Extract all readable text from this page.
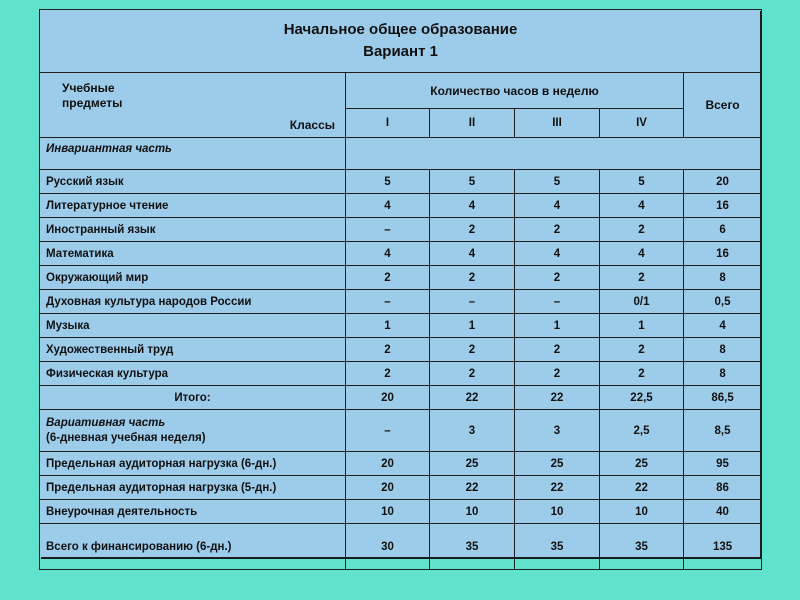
Начальное общее образование
Вариант 1					

Учебные
предметы
Классы	Количество часов в неделю				Всего
	I	II	III	IV	
Инвариантная часть					
Русский язык	5	5	5	5	20
Литературное чтение	4	4	4	4	16
Иностранный язык	–	2	2	2	6
Математика	4	4	4	4	16
Окружающий мир	2	2	2	2	8
Духовная культура народов России	–	–	–	0/1	0,5
Музыка	1	1	1	1	4
Художественный труд	2	2	2	2	8
Физическая культура	2	2	2	2	8
Итого:	20	22	22	22,5	86,5

Вариативная часть
(6-дневная учебная неделя)	–	3	3	2,5	8,5
Предельная аудиторная нагрузка (6-дн.)	20	25	25	25	95
Предельная аудиторная нагрузка (5-дн.)	20	22	22	22	86
Внеурочная деятельность	10	10	10	10	40
Всего к финансированию (6-дн.)	30	35	35	35	135
